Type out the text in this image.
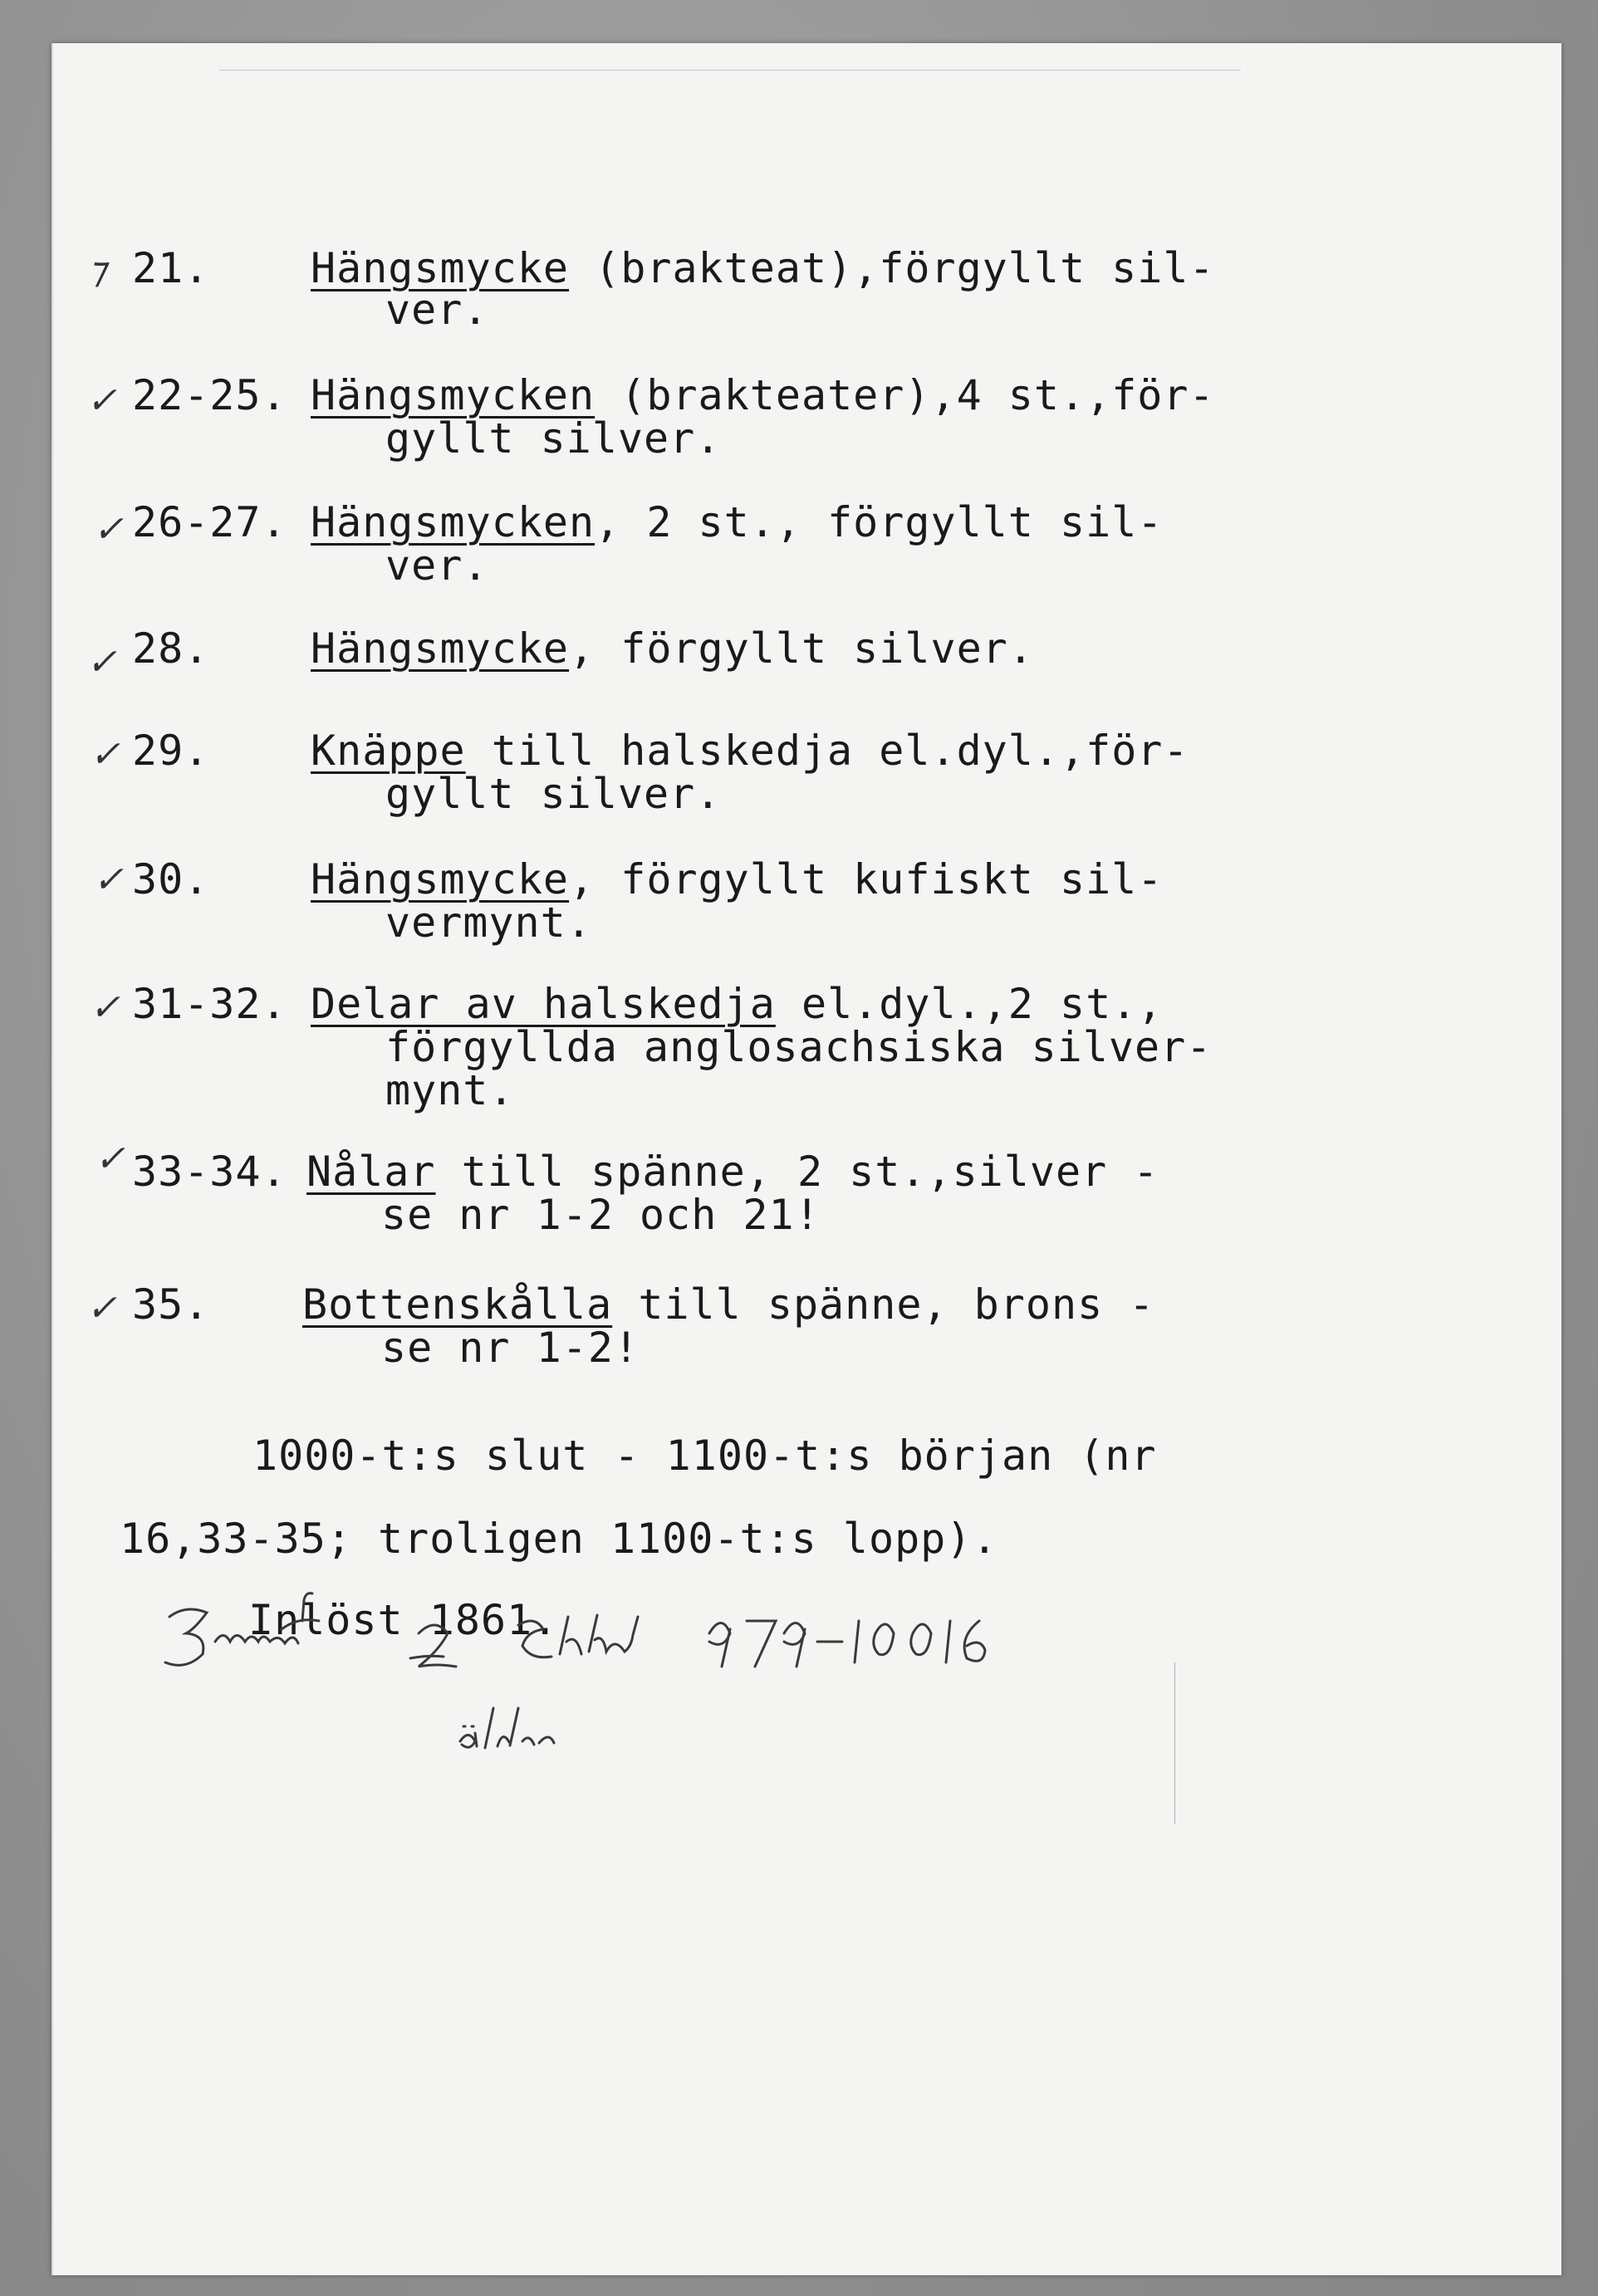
⁊ 21. Hängsmycke (brakteat),förgyllt sil-
ver.
✓ 22-25. Hängsmycken (brakteater),4 st.,för-
gyllt silver.
✓ 26-27. Hängsmycken, 2 st., förgyllt sil-
ver.
✓ 28. Hängsmycke, förgyllt silver.
✓ 29. Knäppe till halskedja el.dyl.,för-
gyllt silver.
✓ 30. Hängsmycke, förgyllt kufiskt sil-
vermynt.
✓ 31-32. Delar av halskedja el.dyl.,2 st.,
förgyllda anglosachsiska silver-
mynt.
✓ 33-34. Nålar till spänne, 2 st.,silver -
se nr 1-2 och 21!
✓ 35. Bottenskålla till spänne, brons -
se nr 1-2!
1000-t:s slut - 1100-t:s början (nr
16,33-35; troligen 1100-t:s lopp).
Inlöst 1861.
